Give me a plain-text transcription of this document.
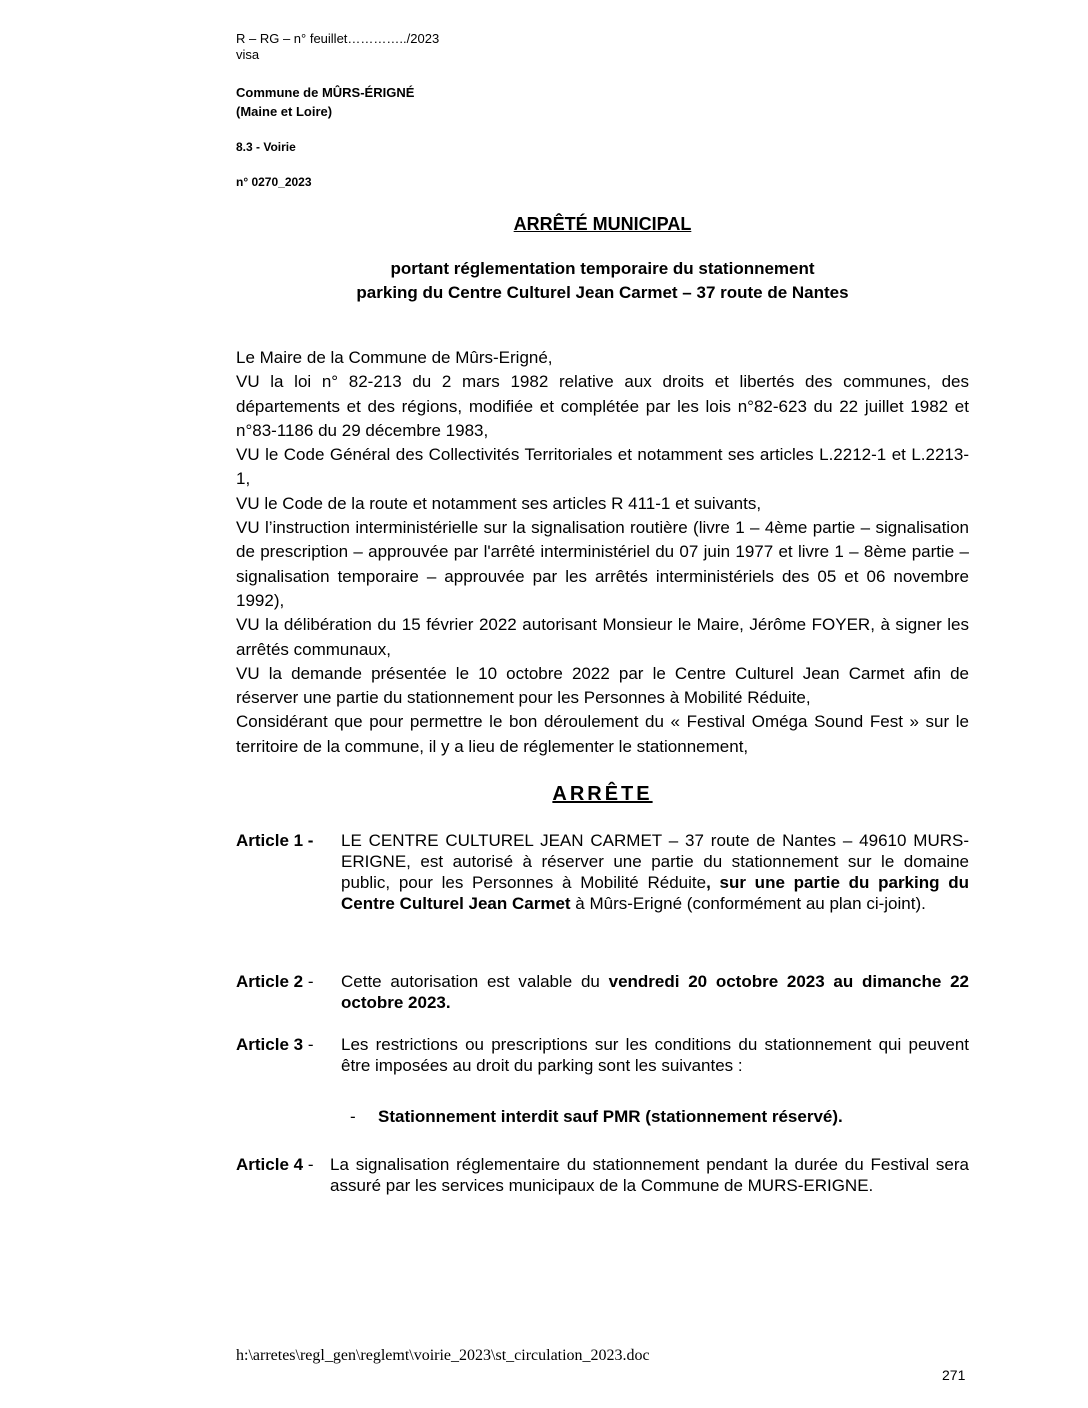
R – RG – n° feuillet…………../2023
visa
Commune de MÛRS-ÉRIGNÉ
(Maine et Loire)
8.3 - Voirie
n° 0270_2023
ARRÊTÉ MUNICIPAL
portant réglementation temporaire du stationnement
parking du Centre Culturel Jean Carmet – 37 route de Nantes

Le Maire de la Commune de Mûrs-Erigné,

VU la loi n° 82-213 du 2 mars 1982 relative aux droits et libertés des communes, des départements et des régions, modifiée et complétée par les lois n°82-623 du 22 juillet 1982 et n°83-1186 du 29 décembre 1983,

VU le Code Général des Collectivités Territoriales et notamment ses articles L.2212-1 et L.2213-1,

VU le Code de la route et notamment ses articles R 411-1 et suivants,

VU l’instruction interministérielle sur la signalisation routière (livre 1 – 4ème partie – signalisation de prescription – approuvée par l'arrêté interministériel du 07 juin 1977 et livre 1 – 8ème partie – signalisation temporaire – approuvée par les arrêtés interministériels des 05 et 06 novembre 1992),

VU la délibération du 15 février 2022 autorisant Monsieur le Maire, Jérôme FOYER, à signer les arrêtés communaux,

VU la demande présentée le 10 octobre 2022 par le Centre Culturel Jean Carmet afin de réserver une partie du stationnement pour les Personnes à Mobilité Réduite,

Considérant que pour permettre le bon déroulement du « Festival Oméga Sound Fest » sur le territoire de la commune, il y a lieu de réglementer le stationnement,

ARRÊTE
Article 1 - LE CENTRE CULTUREL JEAN CARMET – 37 route de Nantes – 49610 MURS-ERIGNE, est autorisé à réserver une partie du stationnement sur le domaine public, pour les Personnes à Mobilité Réduite, sur une partie du parking du Centre Culturel Jean Carmet à Mûrs-Erigné (conformément au plan ci-joint).
Article 2 - Cette autorisation est valable du vendredi 20 octobre 2023 au dimanche 22 octobre 2023.
Article 3 - Les restrictions ou prescriptions sur les conditions du stationnement qui peuvent être imposées au droit du parking sont les suivantes :
- Stationnement interdit sauf PMR (stationnement réservé).
Article 4 - La signalisation réglementaire du stationnement pendant la durée du Festival sera assuré par les services municipaux de la Commune de MURS-ERIGNE.
h:\arretes\regl_gen\reglemt\voirie_2023\st_circulation_2023.doc
271
